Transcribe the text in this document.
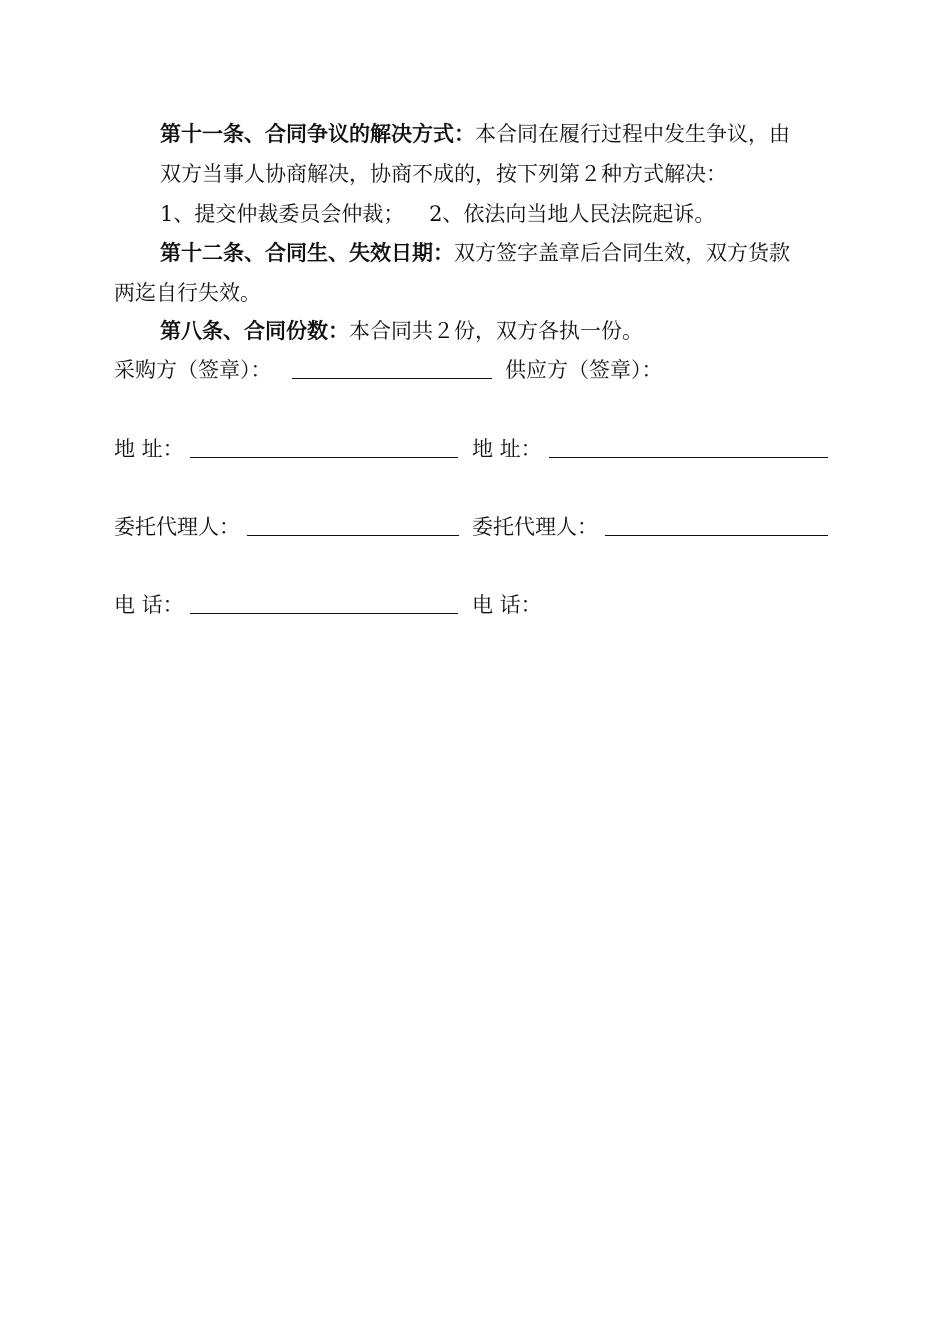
第十一条、合同争议的解决方式：本合同在履行过程中发生争议，由
双方当事人协商解决，协商不成的，按下列第２种方式解决：
1、提交仲裁委员会仲裁； 2、依法向当地人民法院起诉。
第十二条、合同生、失效日期：双方签字盖章后合同生效，双方货款
两迄自行失效。
第八条、合同份数：本合同共２份，双方各执一份。
采购方（签章）：	供应方（签章）：
地 址：	地 址：
委托代理人：	委托代理人：
电 话：	电 话：
